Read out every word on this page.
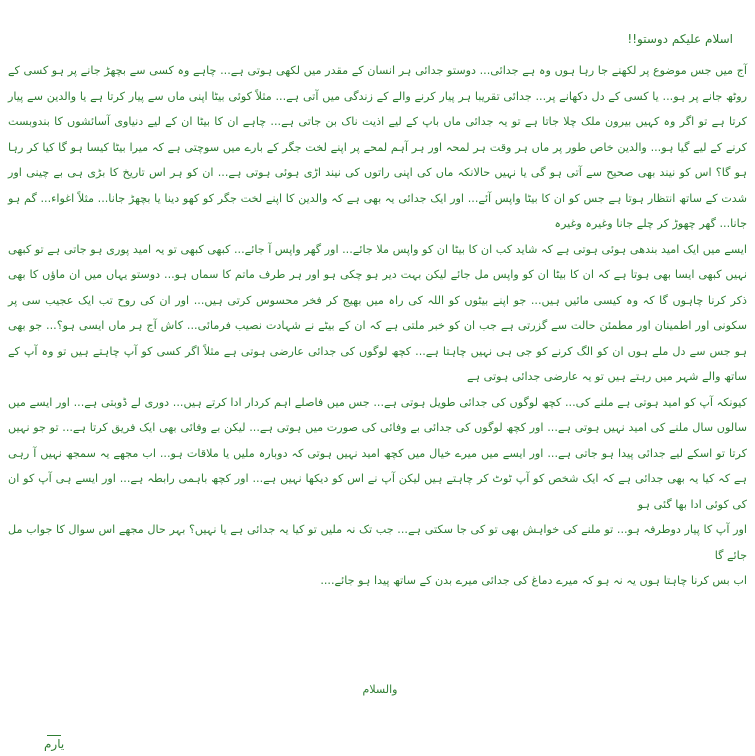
اسلام علیکم دوستو!!
آج میں جس موضوع پر لکھنے جا رہا ہوں وہ ہے جدائی... دوستو جدائی ہر انسان کے مقدر میں لکھی ہوتی ہے... چاہے وہ کسی سے بچھڑ جانے پر ہو کسی کے روٹھ جانے پر ہو... یا کسی کے دل دکھانے پر... جدائی تقریبا ہر پیار کرنے والے کے زندگی میں آتی ہے... مثلاً کوئی بیٹا اپنی ماں سے پیار کرتا ہے یا والدین سے پیار کرتا ہے تو اگر وہ کہیں بیرون ملک چلا جاتا ہے تو یہ جدائی ماں باپ کے لیے اذیت ناک بن جاتی ہے... چاہے ان کا بیٹا ان کے لیے دنیاوی آسائشوں کا بندوبست کرنے کے لیے گیا ہو... والدین خاص طور پر ماں ہر وقت ہر لمحہ اور ہر آہم لمحے پر اپنے لخت جگر کے بارے میں سوچتی ہے کہ میرا بیٹا کیسا ہو گا کیا کر رہا ہو گا؟ اس کو نیند بھی صحیح سے آتی ہو گی یا نہیں حالانکہ ماں کی اپنی راتوں کی نیند اڑی ہوئی ہوتی ہے... ان کو ہر اس تاریخ کا بڑی ہی بے چینی اور شدت کے ساتھ انتظار ہوتا ہے جس کو ان کا بیٹا واپس آئے... اور ایک جدائی یہ بھی ہے کہ والدین کا اپنے لخت جگر کو کھو دینا یا بچھڑ جانا... مثلاً اغواء... گم ہو جانا... گھر چھوڑ کر چلے جانا وغیرہ وغیرہ
ایسے میں ایک امید بندھی ہوئی ہوتی ہے کہ شاید کب ان کا بیٹا ان کو واپس ملا جائے... اور گھر واپس آ جائے... کبھی کبھی تو یہ امید پوری ہو جاتی ہے تو کبھی نہیں کبھی ایسا بھی ہوتا ہے کہ ان کا بیٹا ان کو واپس مل جائے لیکن بہت دیر ہو چکی ہو اور ہر طرف ماتم کا سماں ہو... دوستو یہاں میں ان ماؤں کا بھی ذکر کرنا چاہوں گا کہ وہ کیسی مائیں ہیں... جو اپنے بیٹوں کو اللہ کی راہ میں بھیج کر فخر محسوس کرتی ہیں... اور ان کی روح تب ایک عجیب سی پر سکونی اور اطمینان اور مطمئن حالت سے گزرتی ہے جب ان کو خبر ملتی ہے کہ ان کے بیٹے نے شہادت نصیب فرمائی... کاش آج ہر ماں ایسی ہو؟... جو بھی ہو جس سے دل ملے ہوں ان کو الگ کرنے کو جی ہی نہیں چاہتا ہے... کچھ لوگوں کی جدائی عارضی ہوتی ہے مثلاً اگر کسی کو آپ چاہتے ہیں تو وہ آپ کے ساتھ والے شہر میں رہتے ہیں تو یہ عارضی جدائی ہوتی ہے
کیونکہ آپ کو امید ہوتی ہے ملنے کی... کچھ لوگوں کی جدائی طویل ہوتی ہے... جس میں فاصلے اہم کردار ادا کرتے ہیں... دوری لے ڈوبتی ہے... اور ایسے میں سالوں سال ملنے کی امید نہیں ہوتی ہے... اور کچھ لوگوں کی جدائی بے وفائی کی صورت میں ہوتی ہے... لیکن بے وفائی بھی ایک فریق کرتا ہے... تو جو نہیں کرتا تو اسکے لیے جدائی پیدا ہو جاتی ہے... اور ایسے میں میرے خیال میں کچھ امید نہیں ہوتی کہ دوبارہ ملیں یا ملاقات ہو... اب مجھے یہ سمجھ نہیں آ رہی ہے کہ کیا یہ بھی جدائی ہے کہ ایک شخص کو آپ ٹوٹ کر چاہتے ہیں لیکن آپ نے اس کو دیکھا نہیں ہے... اور کچھ باہمی رابطہ ہے... اور ایسے ہی آپ کو ان کی کوئی ادا بھا گئی ہو
اور آپ کا پیار دوطرفہ ہو... تو ملنے کی خواہش بھی تو کی جا سکتی ہے... جب تک نہ ملیں تو کیا یہ جدائی ہے یا نہیں؟ بہر حال مجھے اس سوال کا جواب مل جائے گا
اب بس کرنا چاہتا ہوں یہ نہ ہو کہ میرے دماغ کی جدائی میرے بدن کے ساتھ پیدا ہو جائے....
والسلام
یارم
